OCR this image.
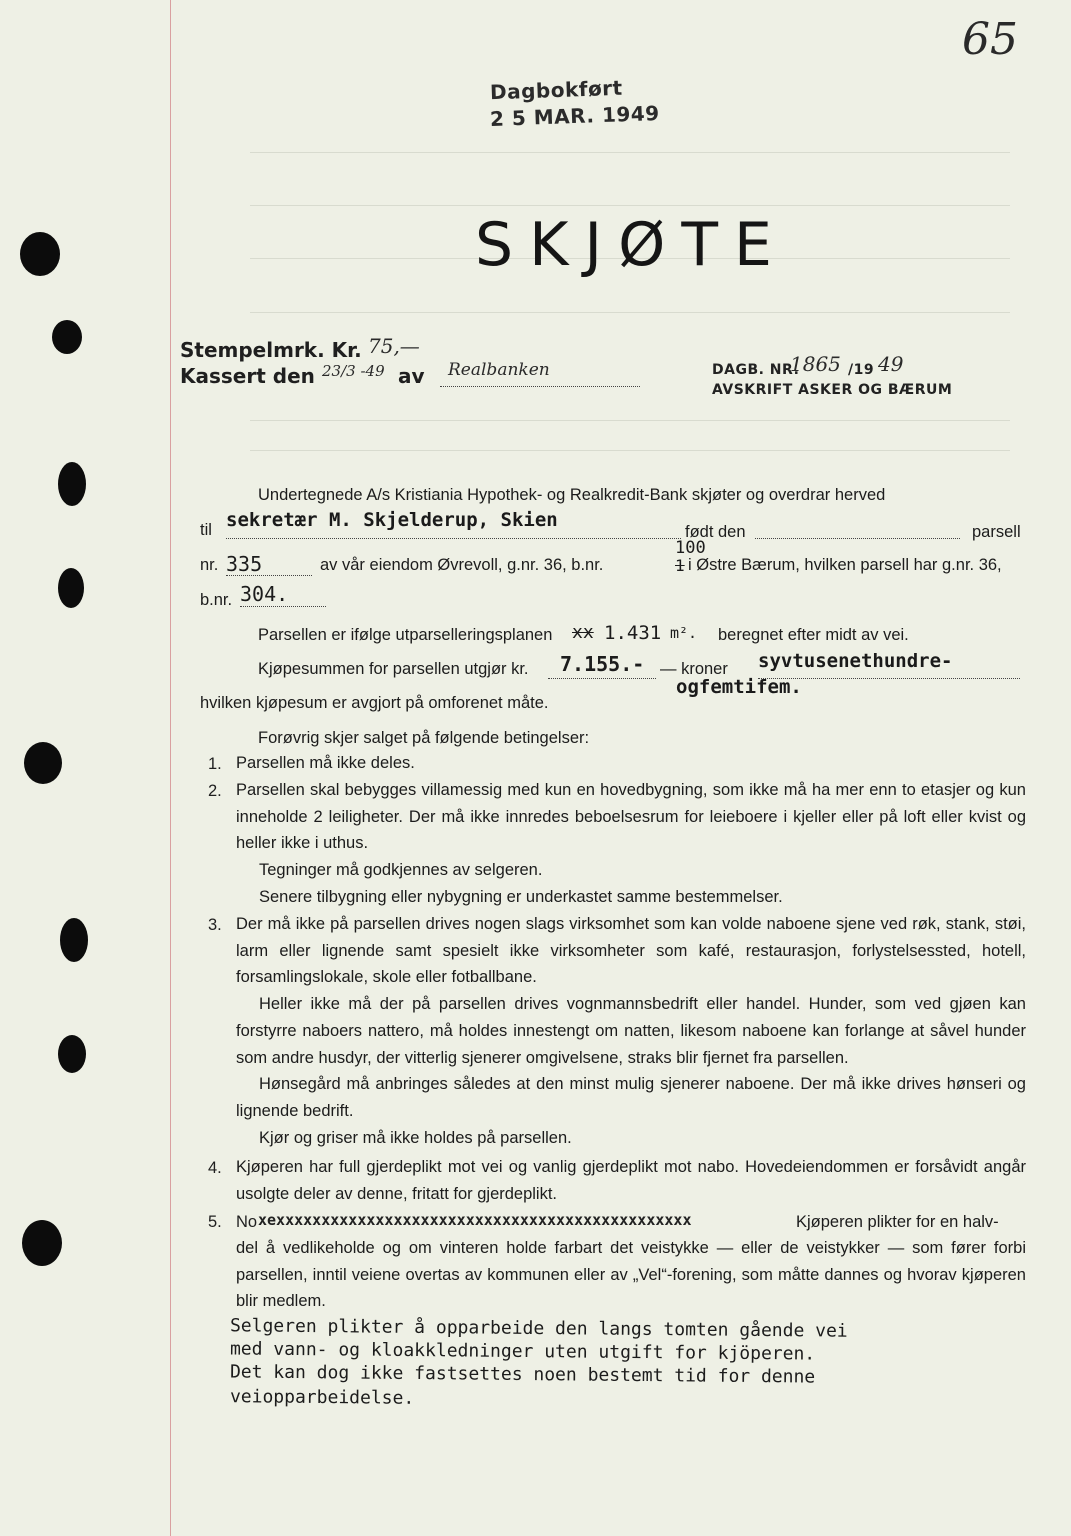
65
Dagbokført
2 5 MAR. 1949
SKJØTE
Stempelmrk. Kr. 75,—
Kassert den 23/3 -49 av Realbanken	DAGB. NR.
1865 /19 49
AVSKRIFT ASKER OG BÆRUM
Undertegnede A/s Kristiania Hypothek- og Realkredit-Bank skjøter og overdrar herved
til sekretær M. Skjelderup, Skien
født den	parsell
nr. 335	av vår eiendom Øvrevoll, g.nr. 36, b.nr.
100
1 i Østre Bærum, hvilken parsell har g.nr. 36,
b.nr. 304.
Parsellen er ifølge utparselleringsplanen xx 1.431 m². beregnet efter midt av vei.
Kjøpesummen for parsellen utgjør kr. 7.155.- — kroner syvtusenethundre-
ogfemtifem.
hvilken kjøpesum er avgjort på omforenet måte.
Forøvrig skjer salget på følgende betingelser:
1. Parsellen må ikke deles.
2. Parsellen skal bebygges villamessig med kun en hovedbygning, som ikke må ha mer enn to etasjer og kun inneholde 2 leiligheter. Der må ikke innredes beboelsesrum for leieboere i kjeller eller på loft eller kvist og heller ikke i uthus.
Tegninger må godkjennes av selgeren.
Senere tilbygning eller nybygning er underkastet samme bestemmelser.
3. Der må ikke på parsellen drives nogen slags virksomhet som kan volde naboene sjene ved røk, stank, støi, larm eller lignende samt spesielt ikke virksomheter som kafé, restaurasjon, forlystelsessted, hotell, forsamlingslokale, skole eller fotballbane.
Heller ikke må der på parsellen drives vognmannsbedrift eller handel. Hunder, som ved gjøen kan forstyrre naboers nattero, må holdes innestengt om natten, likesom naboene kan forlange at såvel hunder som andre husdyr, der vitterlig sjenerer omgivelsene, straks blir fjernet fra parsellen.
Hønsegård må anbringes således at den minst mulig sjenerer naboene. Der må ikke drives hønseri og lignende bedrift.
Kjør og griser må ikke holdes på parsellen.
4. Kjøperen har full gjerdeplikt mot vei og vanlig gjerdeplikt mot nabo. Hovedeiendommen er forsåvidt angår usolgte deler av denne, fritatt for gjerdeplikt.
5. No xexxxxxxxxxxxxxxxxxxxxxxxxxxxxxxxxxxxxxxxxxxxxxx	Kjøperen plikter for en halv-
del å vedlikeholde og om vinteren holde farbart det veistykke — eller de veistykker — som fører forbi parsellen, inntil veiene overtas av kommunen eller av „Vel“-forening, som måtte dannes og hvorav kjøperen blir medlem.
Selgeren plikter å opparbeide den langs tomten gående vei
med vann- og kloakkledninger uten utgift for kjöperen.
Det kan dog ikke fastsettes noen bestemt tid for denne
veiopparbeidelse.
